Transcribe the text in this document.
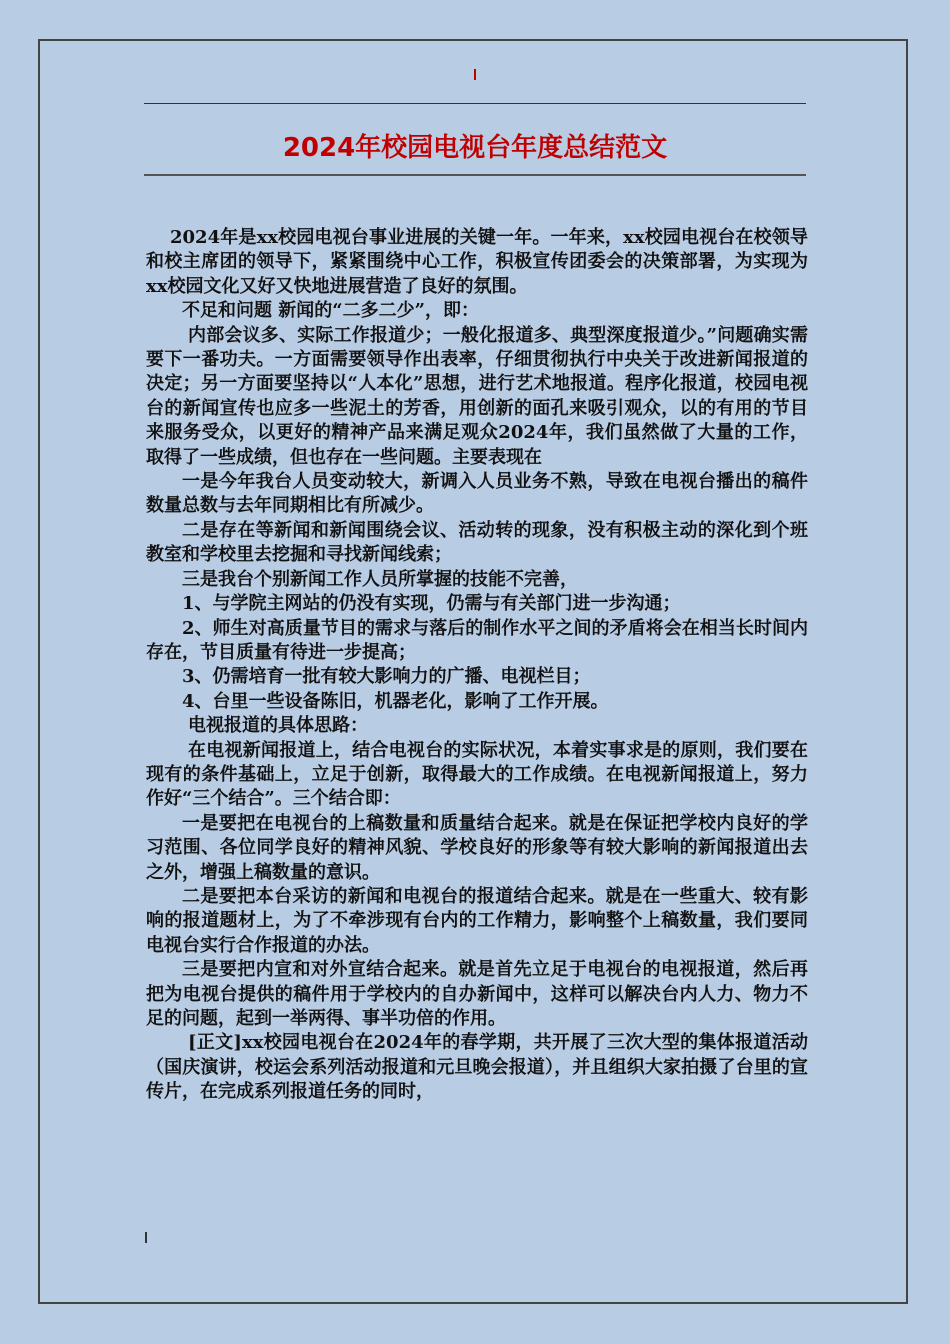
2024年校园电视台年度总结范文

2024年是xx校园电视台事业进展的关键一年。一年来，xx校园电视台在校领导和校主席团的领导下，紧紧围绕中心工作，积极宣传团委会的决策部署，为实现为xx校园文化又好又快地进展营造了良好的氛围。

不足和问题 新闻的“二多二少”，即：

内部会议多、实际工作报道少；一般化报道多、典型深度报道少。”问题确实需要下一番功夫。一方面需要领导作出表率，仔细贯彻执行中央关于改进新闻报道的决定；另一方面要坚持以“人本化”思想，进行艺术地报道。程序化报道，校园电视台的新闻宣传也应多一些泥土的芳香，用创新的面孔来吸引观众，以的有用的节目来服务受众，以更好的精神产品来满足观众2024年，我们虽然做了大量的工作，取得了一些成绩，但也存在一些问题。主要表现在

一是今年我台人员变动较大，新调入人员业务不熟，导致在电视台播出的稿件数量总数与去年同期相比有所减少。

二是存在等新闻和新闻围绕会议、活动转的现象，没有积极主动的深化到个班教室和学校里去挖掘和寻找新闻线索；

三是我台个别新闻工作人员所掌握的技能不完善，

1、与学院主网站的仍没有实现，仍需与有关部门进一步沟通；

2、师生对高质量节目的需求与落后的制作水平之间的矛盾将会在相当长时间内存在，节目质量有待进一步提高；

3、仍需培育一批有较大影响力的广播、电视栏目；

4、台里一些设备陈旧，机器老化，影响了工作开展。

电视报道的具体思路：

在电视新闻报道上，结合电视台的实际状况，本着实事求是的原则，我们要在现有的条件基础上，立足于创新，取得最大的工作成绩。在电视新闻报道上，努力作好“三个结合”。三个结合即：

一是要把在电视台的上稿数量和质量结合起来。就是在保证把学校内良好的学习范围、各位同学良好的精神风貌、学校良好的形象等有较大影响的新闻报道出去之外，增强上稿数量的意识。

二是要把本台采访的新闻和电视台的报道结合起来。就是在一些重大、较有影响的报道题材上，为了不牵涉现有台内的工作精力，影响整个上稿数量，我们要同电视台实行合作报道的办法。

三是要把内宣和对外宣结合起来。就是首先立足于电视台的电视报道，然后再把为电视台提供的稿件用于学校内的自办新闻中，这样可以解决台内人力、物力不足的问题，起到一举两得、事半功倍的作用。

[正文]xx校园电视台在2024年的春学期，共开展了三次大型的集体报道活动（国庆演讲，校运会系列活动报道和元旦晚会报道），并且组织大家拍摄了台里的宣传片，在完成系列报道任务的同时，
